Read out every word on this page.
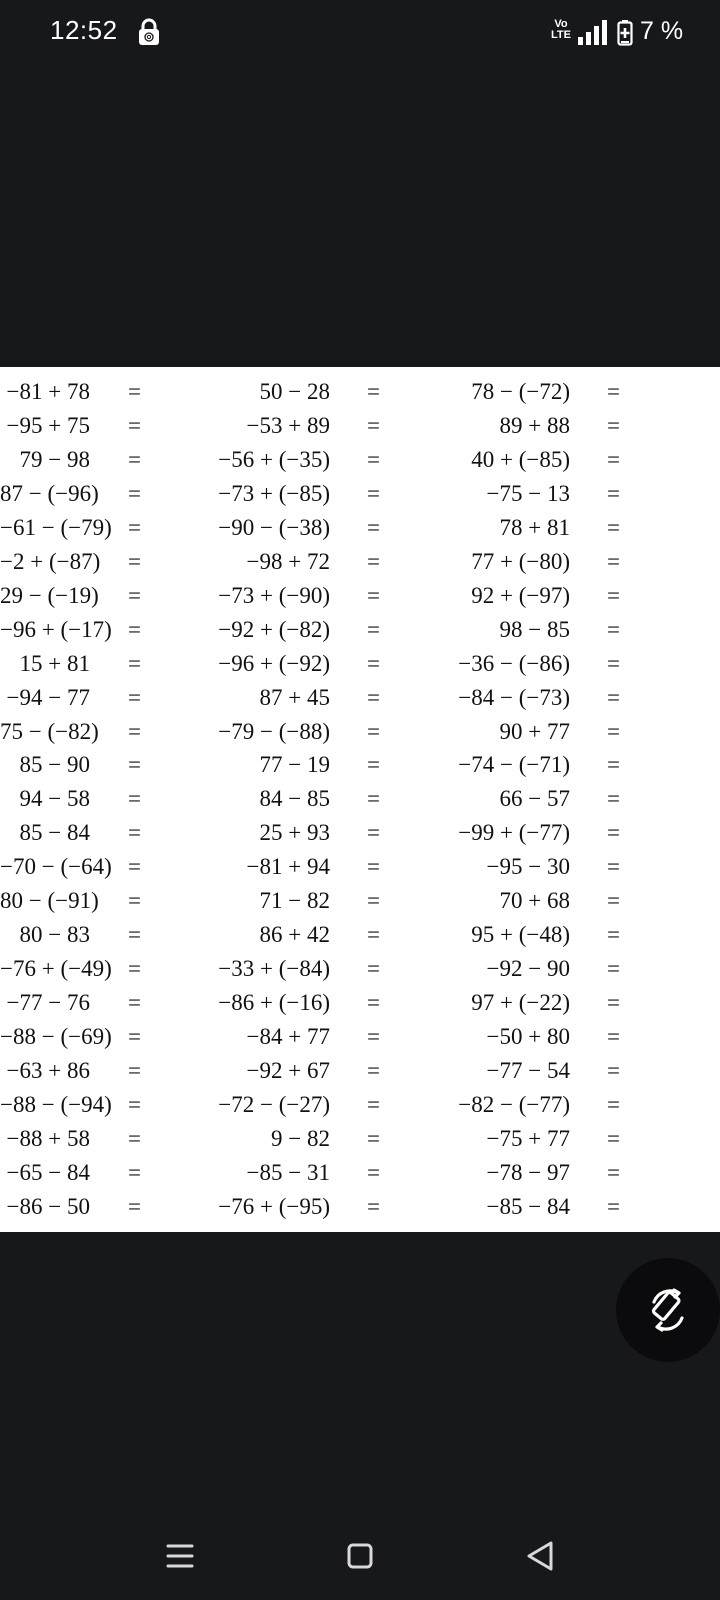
12:52	Vo
LTE	7 %
−81 + 78 =
−95 + 75 =
79 − 98 =
87 − (−96) =
−61 − (−79) =
−2 + (−87) =
29 − (−19) =
−96 + (−17) =
15 + 81 =
−94 − 77 =
75 − (−82) =
85 − 90 =
94 − 58 =
85 − 84 =
−70 − (−64) =
80 − (−91) =
80 − 83 =
−76 + (−49) =
−77 − 76 =
−88 − (−69) =
−63 + 86 =
−88 − (−94) =
−88 + 58 =
−65 − 84 =
−86 − 50 =
50 − 28 =
−53 + 89 =
−56 + (−35) =
−73 + (−85) =
−90 − (−38) =
−98 + 72 =
−73 + (−90) =
−92 + (−82) =
−96 + (−92) =
87 + 45 =
−79 − (−88) =
77 − 19 =
84 − 85 =
25 + 93 =
−81 + 94 =
71 − 82 =
86 + 42 =
−33 + (−84) =
−86 + (−16) =
−84 + 77 =
−92 + 67 =
−72 − (−27) =
9 − 82 =
−85 − 31 =
−76 + (−95) =
78 − (−72) =
89 + 88 =
40 + (−85) =
−75 − 13 =
78 + 81 =
77 + (−80) =
92 + (−97) =
98 − 85 =
−36 − (−86) =
−84 − (−73) =
90 + 77 =
−74 − (−71) =
66 − 57 =
−99 + (−77) =
−95 − 30 =
70 + 68 =
95 + (−48) =
−92 − 90 =
97 + (−22) =
−50 + 80 =
−77 − 54 =
−82 − (−77) =
−75 + 77 =
−78 − 97 =
−85 − 84 =
